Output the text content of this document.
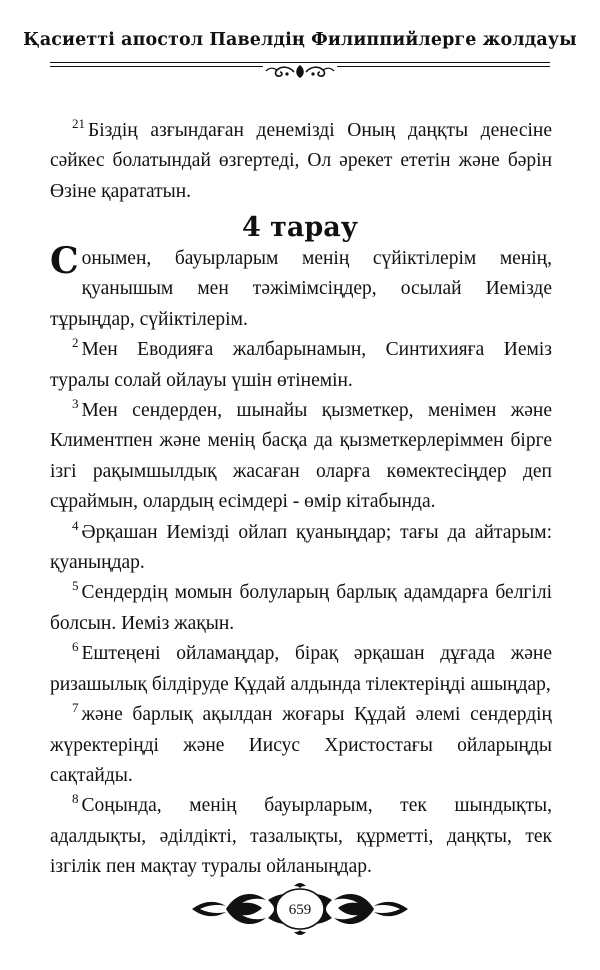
Қасиетті апостол Павелдің Филиппийлерге жолдауы

$^{21}$ Біздің азғындаған денемізді Оның даңқты денесіне сәйкес болатындай өзгертеді, Ол әрекет ететін және бәрін Өзіне қарататын.

4 тарау

Сонымен, бауырларым менің сүйіктілерім менің, қуанышым мен тәжімімсіңдер, осылай Иемізде тұрыңдар, сүйіктілерім.

$^2$ Мен Еводияға жалбарынамын, Синтихияға Иеміз туралы солай ойлауы үшін өтінемін.

$^3$ Мен сендерден, шынайы қызметкер, менімен және Климентпен және менің басқа да қызметкерлеріммен бірге ізгі рақымшылдық жасаған оларға көмектесіңдер деп сұраймын, олардың есімдері - өмір кітабында.

$^4$ Әрқашан Иемізді ойлап қуаныңдар; тағы да айтарым: қуаныңдар.

$^5$ Сендердің момын болуларың барлық адамдарға белгілі болсын. Иеміз жақын.

$^6$ Ештеңені ойламаңдар, бірақ әрқашан дұғада және ризашылық білдіруде Құдай алдында тілектеріңді ашыңдар,

$^7$ және барлық ақылдан жоғары Құдай әлемі сендердің жүректеріңді және Иисус Христостағы ойларыңды сақтайды.

$^8$ Соңында, менің бауырларым, тек шындықты, адалдықты, әділдікті, тазалықты, құрметті, даңқты, тек ізгілік пен мақтау туралы ойланыңдар.

659
